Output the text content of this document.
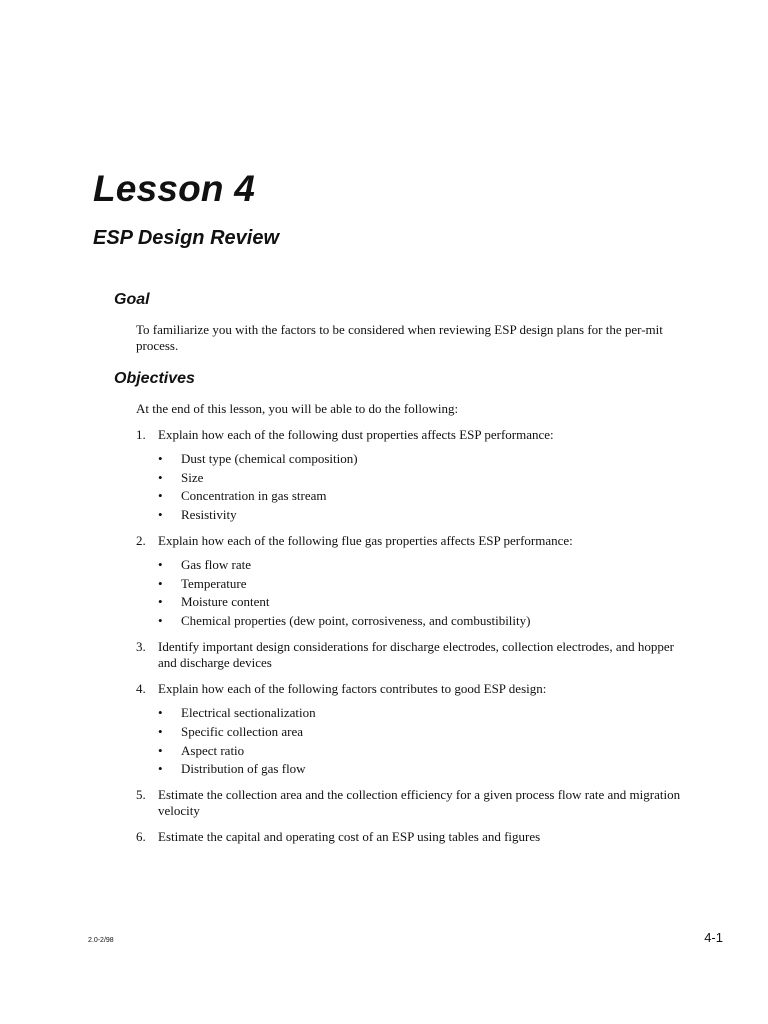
Lesson 4
ESP Design Review
Goal

To familiarize you with the factors to be considered when reviewing ESP design plans for the per-mit process.

Objectives

At the end of this lesson, you will be able to do the following:

1. Explain how each of the following dust properties affects ESP performance:
• Dust type (chemical composition)
• Size
• Concentration in gas stream
• Resistivity
2. Explain how each of the following flue gas properties affects ESP performance:
• Gas flow rate
• Temperature
• Moisture content
• Chemical properties (dew point, corrosiveness, and combustibility)
3. Identify important design considerations for discharge electrodes, collection electrodes, and hopper and discharge devices
4. Explain how each of the following factors contributes to good ESP design:
• Electrical sectionalization
• Specific collection area
• Aspect ratio
• Distribution of gas flow
5. Estimate the collection area and the collection efficiency for a given process flow rate and migration velocity
6. Estimate the capital and operating cost of an ESP using tables and figures
2.0-2/98	4-1
